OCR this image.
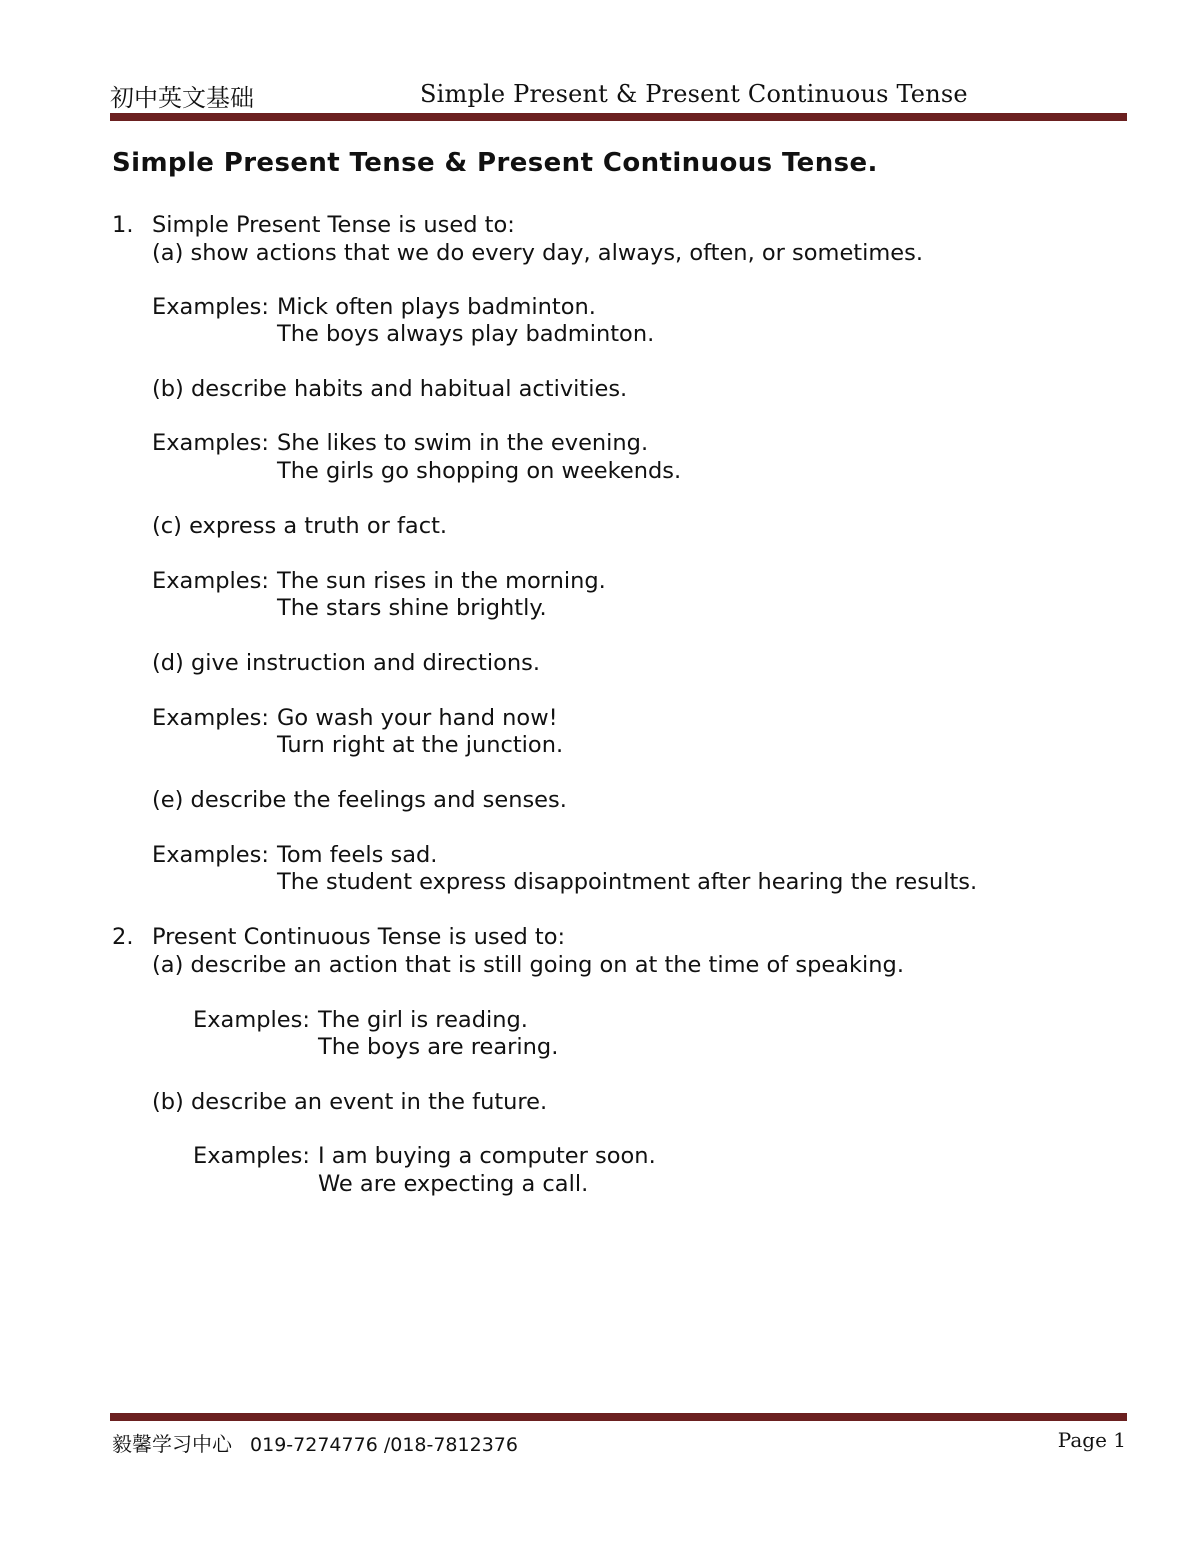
初中英文基础	Simple Present & Present Continuous Tense
Simple Present Tense & Present Continuous Tense.
1. Simple Present Tense is used to:
(a) show actions that we do every day, always, often, or sometimes.
Examples: Mick often plays badminton.
The boys always play badminton.
(b) describe habits and habitual activities.
Examples: She likes to swim in the evening.
The girls go shopping on weekends.
(c) express a truth or fact.
Examples: The sun rises in the morning.
The stars shine brightly.
(d) give instruction and directions.
Examples: Go wash your hand now!
Turn right at the junction.
(e) describe the feelings and senses.
Examples: Tom feels sad.
The student express disappointment after hearing the results.
2. Present Continuous Tense is used to:
(a) describe an action that is still going on at the time of speaking.
Examples: The girl is reading.
The boys are rearing.
(b) describe an event in the future.
Examples: I am buying a computer soon.
We are expecting a call.
毅馨学习中心 019-7274776 /018-7812376	Page 1
